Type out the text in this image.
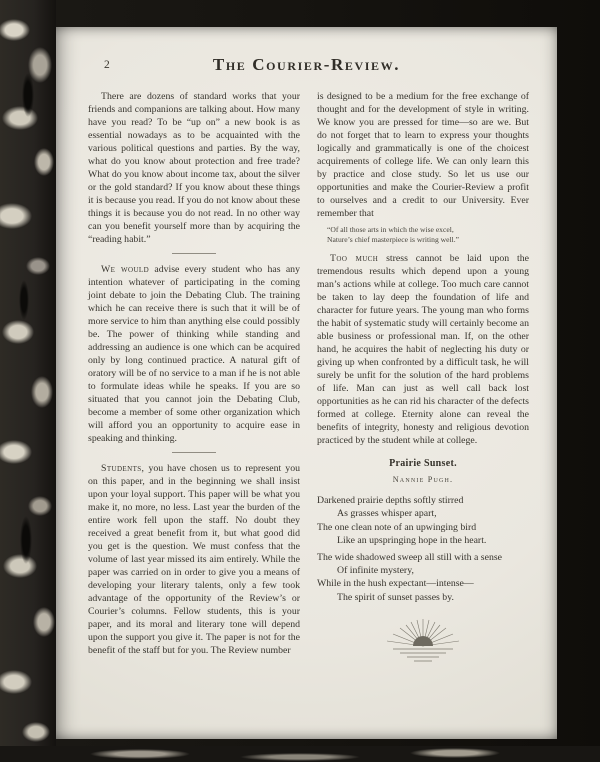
2	The Courier-Review.

There are dozens of standard works that your friends and companions are talking about. How many have you read? To be “up on” a new book is as essential nowadays as to be acquainted with the various political questions and parties. By the way, what do you know about protection and free trade? What do you know about income tax, about the silver or the gold standard? If you know about these things it is because you read. If you do not know about these things it is because you do not read. In no other way can you benefit yourself more than by acquiring the “reading habit.”

We would advise every student who has any intention whatever of participating in the coming joint debate to join the Debating Club. The training which he can receive there is such that it will be of more service to him than anything else could possibly be. The power of thinking while standing and addressing an audience is one which can be acquired only by long continued practice. A natural gift of oratory will be of no service to a man if he is not able to formulate ideas while he speaks. If you are so situated that you cannot join the Debating Club, become a member of some other organization which will afford you an opportunity to acquire ease in speaking and thinking.

Students, you have chosen us to represent you on this paper, and in the beginning we shall insist upon your loyal support. This paper will be what you make it, no more, no less. Last year the burden of the entire work fell upon the staff. No doubt they received a great benefit from it, but what good did you get is the question. We must confess that the volume of last year missed its aim entirely. While the paper was carried on in order to give you a means of developing your literary talents, only a few took advantage of the opportunity of the Review’s or Courier’s columns. Fellow students, this is your paper, and its moral and literary tone will depend upon the support you give it. The paper is not for the benefit of the staff but for you. The Review number

is designed to be a medium for the free exchange of thought and for the development of style in writing. We know you are pressed for time—so are we. But do not forget that to learn to express your thoughts logically and grammatically is one of the choicest acquirements of college life. We can only learn this by practice and close study. So let us use our opportunities and make the Courier-Review a profit to ourselves and a credit to our University. Ever remember that

“Of all those arts in which the wise excel,
Nature’s chief masterpiece is writing well.”

Too much stress cannot be laid upon the tremendous results which depend upon a young man’s actions while at college. Too much care cannot be taken to lay deep the foundation of life and character for future years. The young man who forms the habit of systematic study will certainly become an able business or professional man. If, on the other hand, he acquires the habit of neglecting his duty or giving up when confronted by a difficult task, he will surely be unfit for the solution of the hard problems of life. Man can just as well call back lost opportunities as he can rid his character of the defects formed at college. Eternity alone can reveal the benefits of integrity, honesty and religious devotion practiced by the student while at college.

Prairie Sunset.
Nannie Pugh.
Darkened prairie depths softly stirred
As grasses whisper apart,
The one clean note of an upwinging bird
Like an upspringing hope in the heart.
The wide shadowed sweep all still with a sense
Of infinite mystery,
While in the hush expectant—intense—
The spirit of sunset passes by.
